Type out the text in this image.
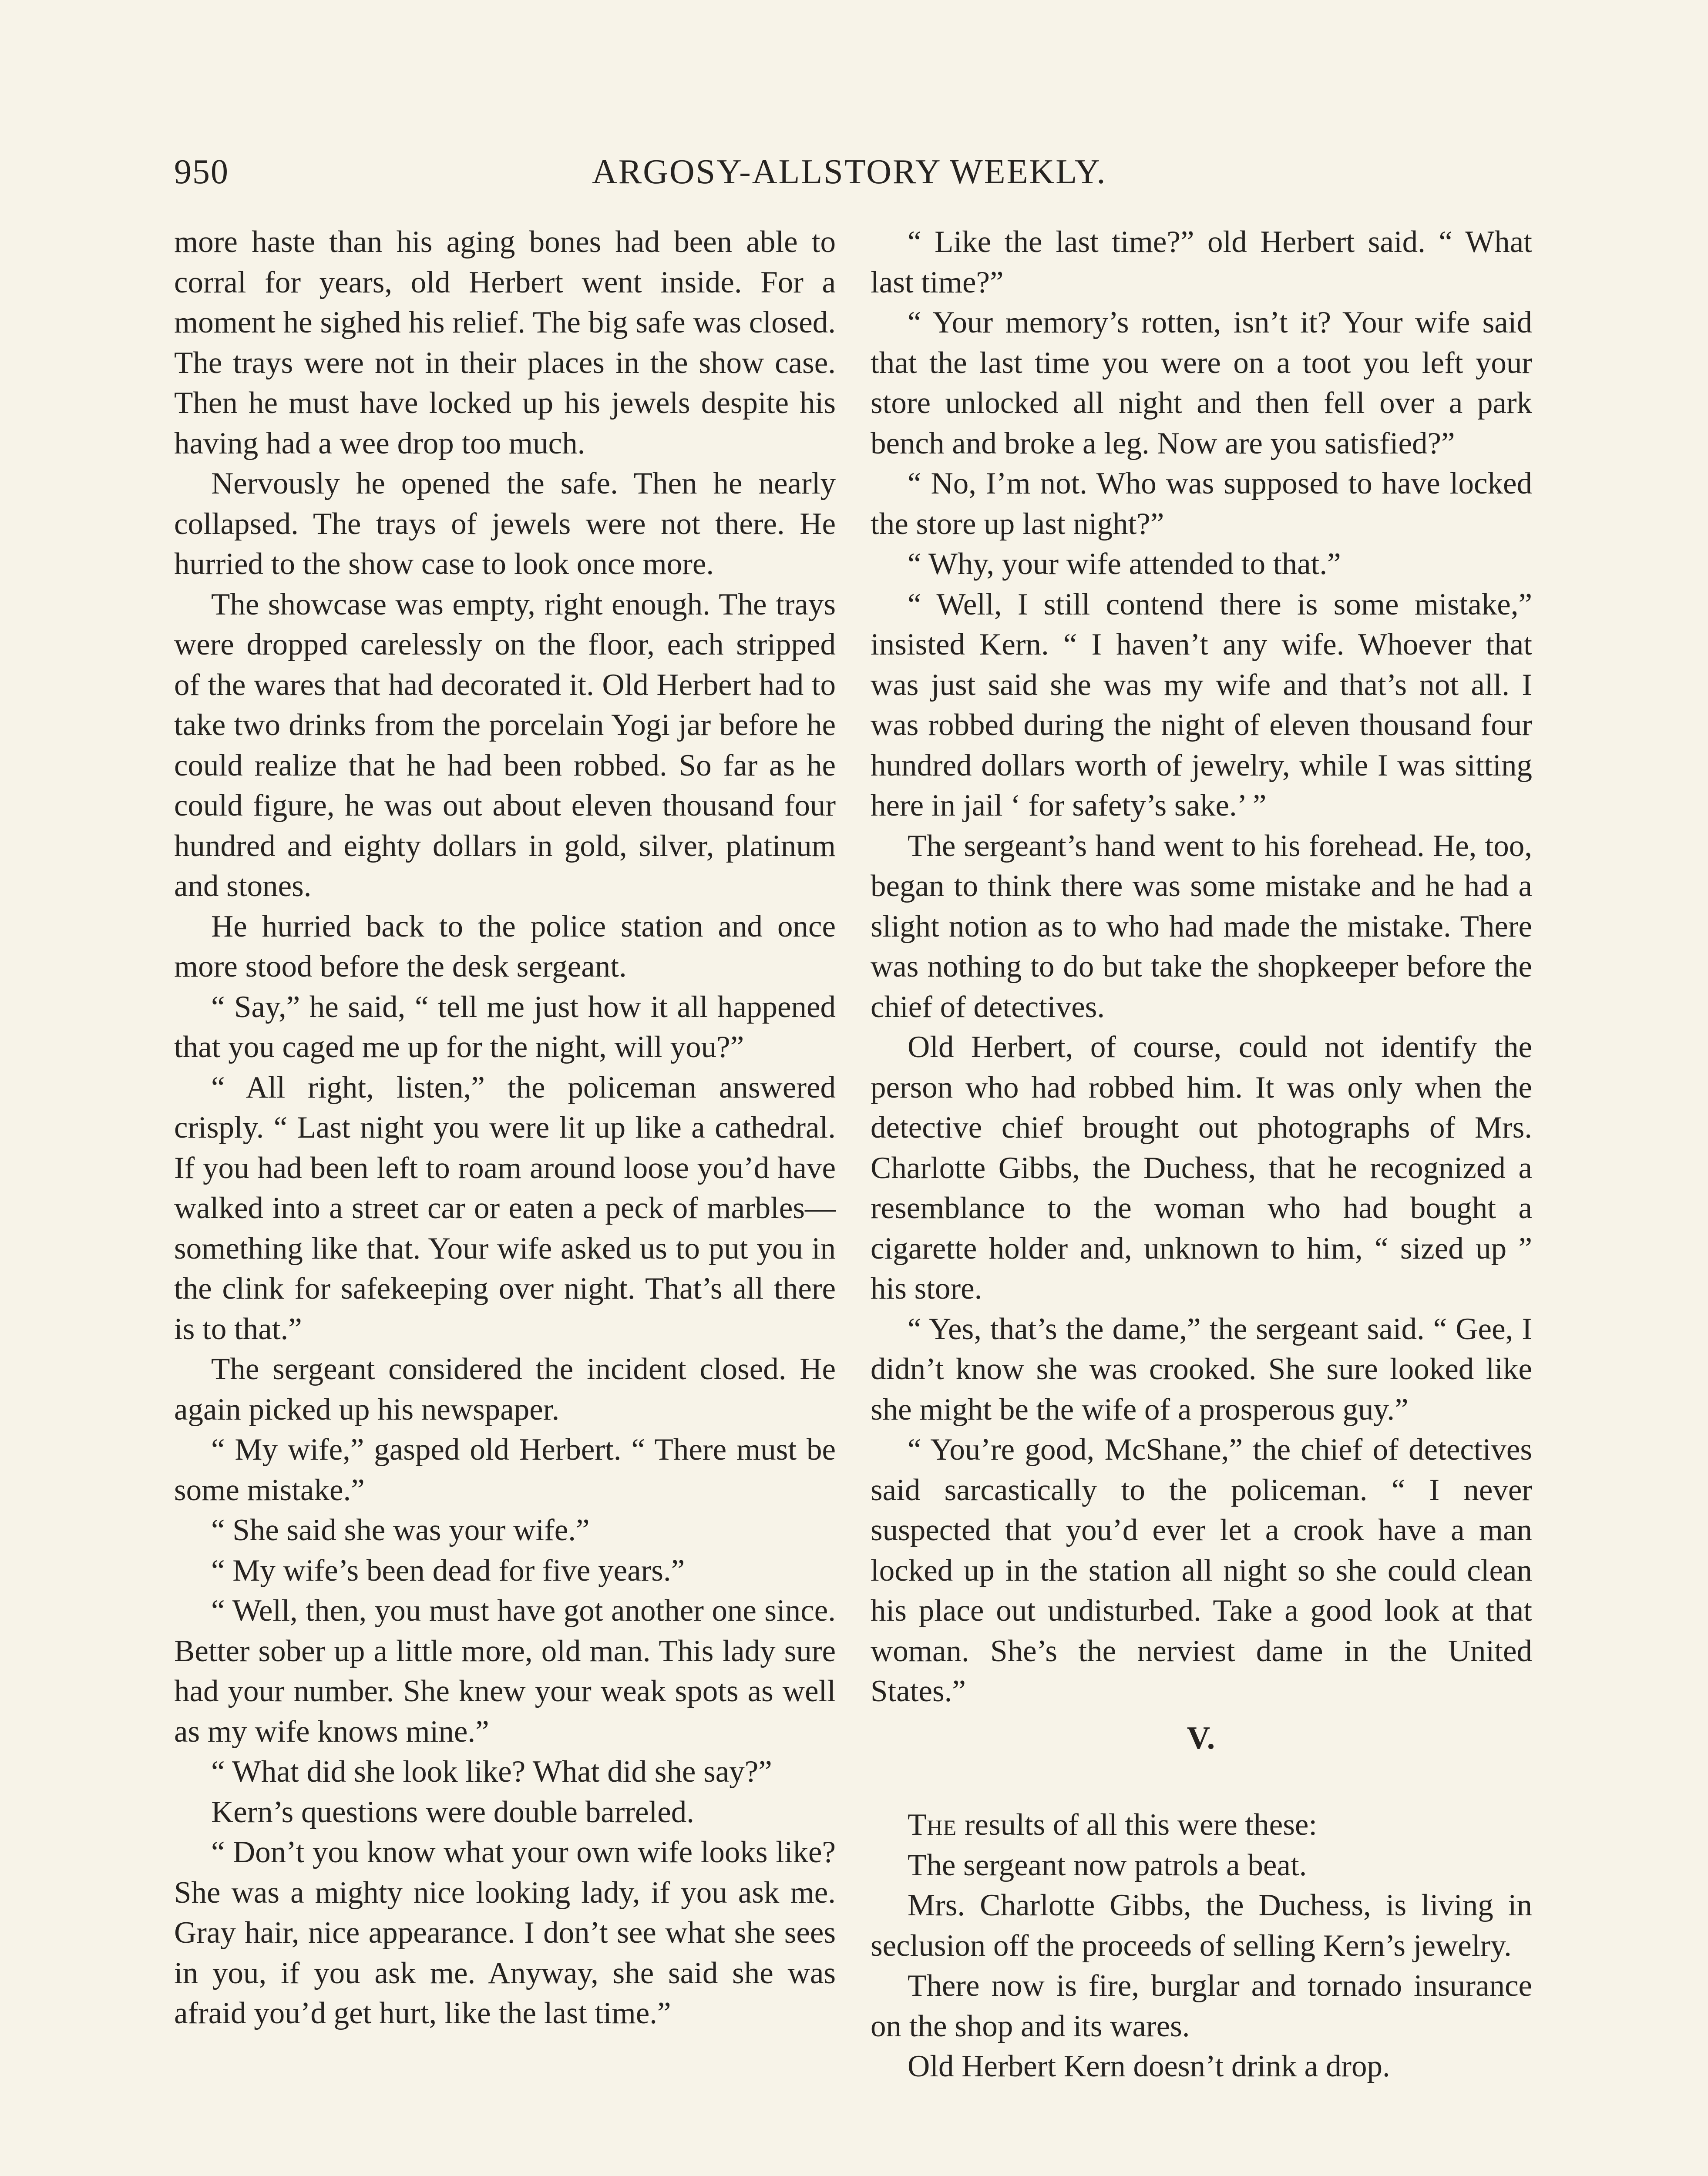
950	ARGOSY-ALLSTORY WEEKLY.

more haste than his aging bones had been able to corral for years, old Herbert went inside. For a moment he sighed his relief. The big safe was closed. The trays were not in their places in the show case. Then he must have locked up his jewels despite his having had a wee drop too much.

Nervously he opened the safe. Then he nearly collapsed. The trays of jewels were not there. He hurried to the show case to look once more.

The showcase was empty, right enough. The trays were dropped carelessly on the floor, each stripped of the wares that had decorated it. Old Herbert had to take two drinks from the porcelain Yogi jar before he could realize that he had been robbed. So far as he could figure, he was out about eleven thousand four hundred and eighty dollars in gold, silver, platinum and stones.

He hurried back to the police station and once more stood before the desk sergeant.

“ Say,” he said, “ tell me just how it all happened that you caged me up for the night, will you?”

“ All right, listen,” the policeman answered crisply. “ Last night you were lit up like a cathedral. If you had been left to roam around loose you’d have walked into a street car or eaten a peck of marbles—something like that. Your wife asked us to put you in the clink for safekeeping over night. That’s all there is to that.”

The sergeant considered the incident closed. He again picked up his newspaper.

“ My wife,” gasped old Herbert. “ There must be some mistake.”

“ She said she was your wife.”

“ My wife’s been dead for five years.”

“ Well, then, you must have got another one since. Better sober up a little more, old man. This lady sure had your number. She knew your weak spots as well as my wife knows mine.”

“ What did she look like? What did she say?”

Kern’s questions were double barreled.

“ Don’t you know what your own wife looks like? She was a mighty nice looking lady, if you ask me. Gray hair, nice appearance. I don’t see what she sees in you, if you ask me. Anyway, she said she was afraid you’d get hurt, like the last time.”

“ Like the last time?” old Herbert said. “ What last time?”

“ Your memory’s rotten, isn’t it? Your wife said that the last time you were on a toot you left your store unlocked all night and then fell over a park bench and broke a leg. Now are you satisfied?”

“ No, I’m not. Who was supposed to have locked the store up last night?”

“ Why, your wife attended to that.”

“ Well, I still contend there is some mistake,” insisted Kern. “ I haven’t any wife. Whoever that was just said she was my wife and that’s not all. I was robbed during the night of eleven thousand four hundred dollars worth of jewelry, while I was sitting here in jail ‘ for safety’s sake.’ ”

The sergeant’s hand went to his forehead. He, too, began to think there was some mistake and he had a slight notion as to who had made the mistake. There was nothing to do but take the shopkeeper before the chief of detectives.

Old Herbert, of course, could not identify the person who had robbed him. It was only when the detective chief brought out photographs of Mrs. Charlotte Gibbs, the Duchess, that he recognized a resemblance to the woman who had bought a cigarette holder and, unknown to him, “ sized up ” his store.

“ Yes, that’s the dame,” the sergeant said. “ Gee, I didn’t know she was crooked. She sure looked like she might be the wife of a prosperous guy.”

“ You’re good, McShane,” the chief of detectives said sarcastically to the policeman. “ I never suspected that you’d ever let a crook have a man locked up in the station all night so she could clean his place out undisturbed. Take a good look at that woman. She’s the nerviest dame in the United States.”

V.

The results of all this were these:

The sergeant now patrols a beat.

Mrs. Charlotte Gibbs, the Duchess, is living in seclusion off the proceeds of selling Kern’s jewelry.

There now is fire, burglar and tornado insurance on the shop and its wares.

Old Herbert Kern doesn’t drink a drop.
